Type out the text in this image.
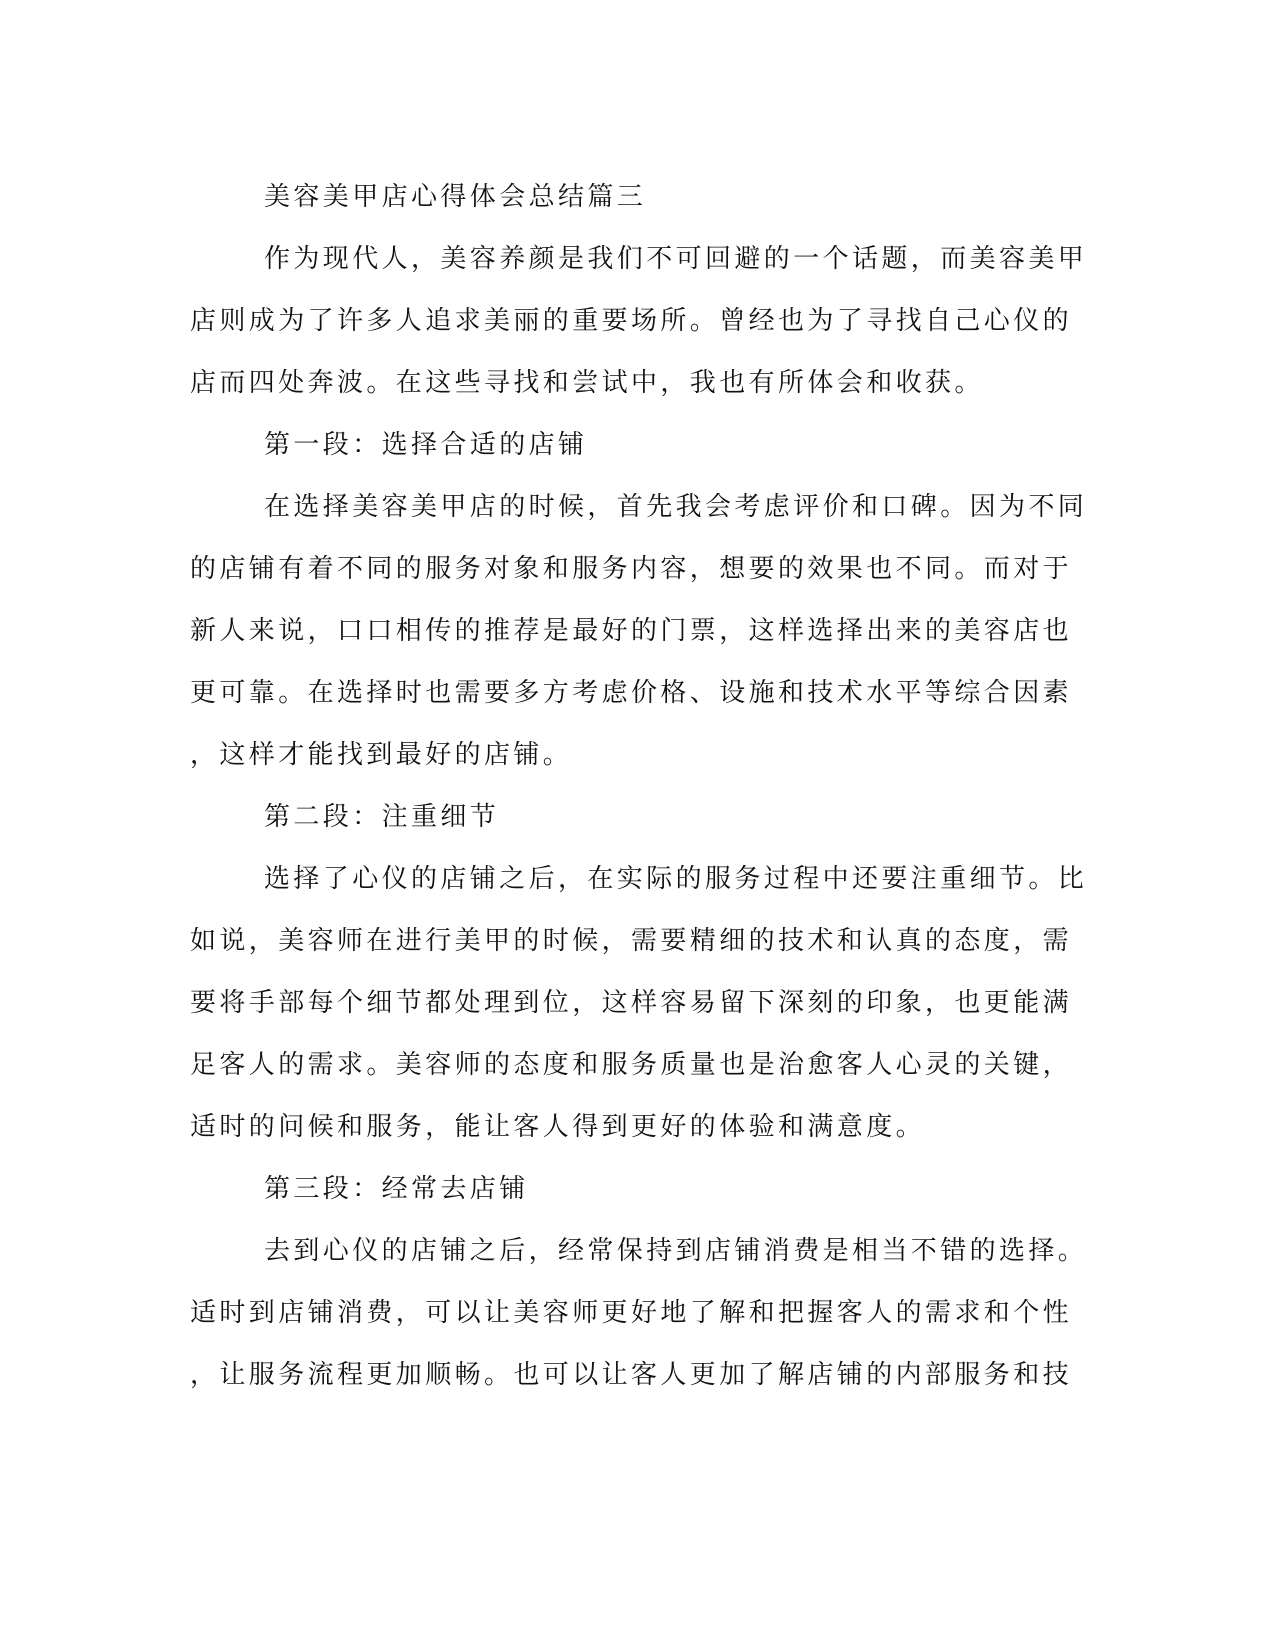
美容美甲店心得体会总结篇三
作为现代人，美容养颜是我们不可回避的一个话题，而美容美甲
店则成为了许多人追求美丽的重要场所。曾经也为了寻找自己心仪的
店而四处奔波。在这些寻找和尝试中，我也有所体会和收获。
第一段：选择合适的店铺
在选择美容美甲店的时候，首先我会考虑评价和口碑。因为不同
的店铺有着不同的服务对象和服务内容，想要的效果也不同。而对于
新人来说，口口相传的推荐是最好的门票，这样选择出来的美容店也
更可靠。在选择时也需要多方考虑价格、设施和技术水平等综合因素
，这样才能找到最好的店铺。
第二段：注重细节
选择了心仪的店铺之后，在实际的服务过程中还要注重细节。比
如说，美容师在进行美甲的时候，需要精细的技术和认真的态度，需
要将手部每个细节都处理到位，这样容易留下深刻的印象，也更能满
足客人的需求。美容师的态度和服务质量也是治愈客人心灵的关键，
适时的问候和服务，能让客人得到更好的体验和满意度。
第三段：经常去店铺
去到心仪的店铺之后，经常保持到店铺消费是相当不错的选择。
适时到店铺消费，可以让美容师更好地了解和把握客人的需求和个性
，让服务流程更加顺畅。也可以让客人更加了解店铺的内部服务和技
